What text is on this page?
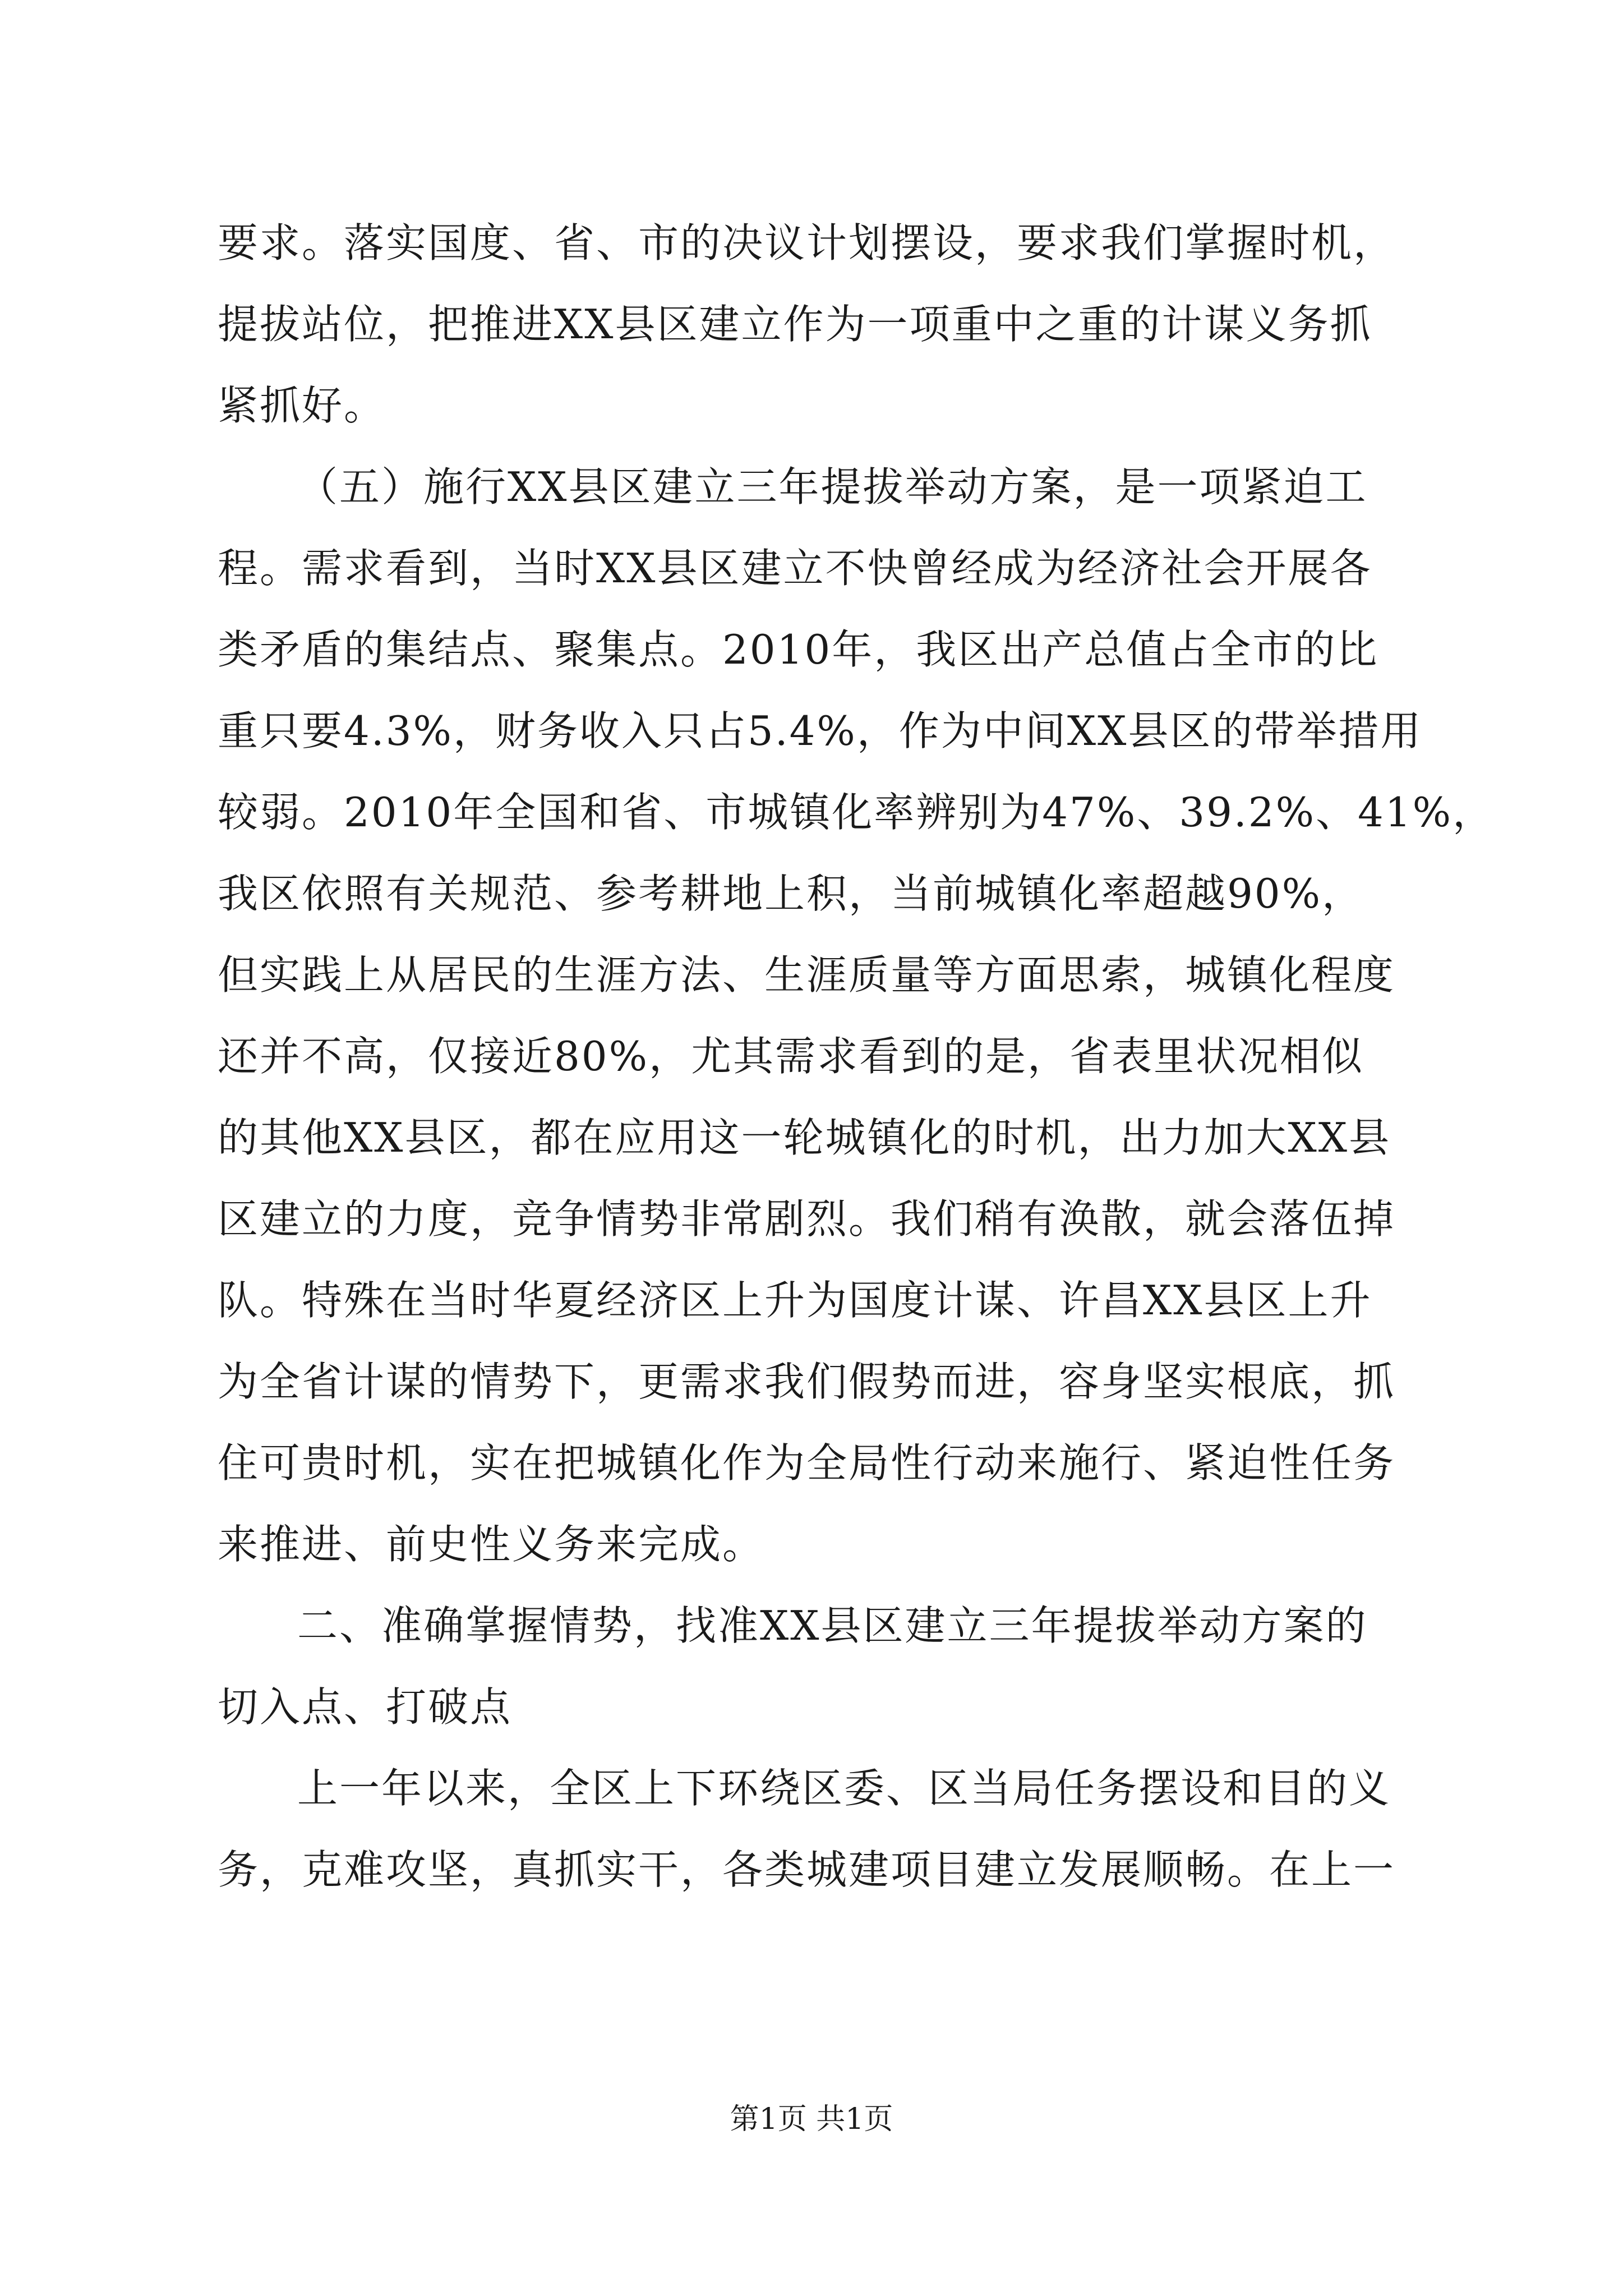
要求。落实国度、省、市的决议计划摆设，要求我们掌握时机，
提拔站位，把推进XX县区建立作为一项重中之重的计谋义务抓
紧抓好。
（五）施行XX县区建立三年提拔举动方案，是一项紧迫工
程。需求看到，当时XX县区建立不快曾经成为经济社会开展各
类矛盾的集结点、聚集点。2010年，我区出产总值占全市的比
重只要4.3%，财务收入只占5.4%，作为中间XX县区的带举措用
较弱。2010年全国和省、市城镇化率辨别为47%、39.2%、41%，
我区依照有关规范、参考耕地上积，当前城镇化率超越90%，
但实践上从居民的生涯方法、生涯质量等方面思索，城镇化程度
还并不高，仅接近80%，尤其需求看到的是，省表里状况相似
的其他XX县区，都在应用这一轮城镇化的时机，出力加大XX县
区建立的力度，竞争情势非常剧烈。我们稍有涣散，就会落伍掉
队。特殊在当时华夏经济区上升为国度计谋、许昌XX县区上升
为全省计谋的情势下，更需求我们假势而进，容身坚实根底，抓
住可贵时机，实在把城镇化作为全局性行动来施行、紧迫性任务
来推进、前史性义务来完成。
二、准确掌握情势，找准XX县区建立三年提拔举动方案的
切入点、打破点
上一年以来，全区上下环绕区委、区当局任务摆设和目的义
务，克难攻坚，真抓实干，各类城建项目建立发展顺畅。在上一
第1页 共1页
